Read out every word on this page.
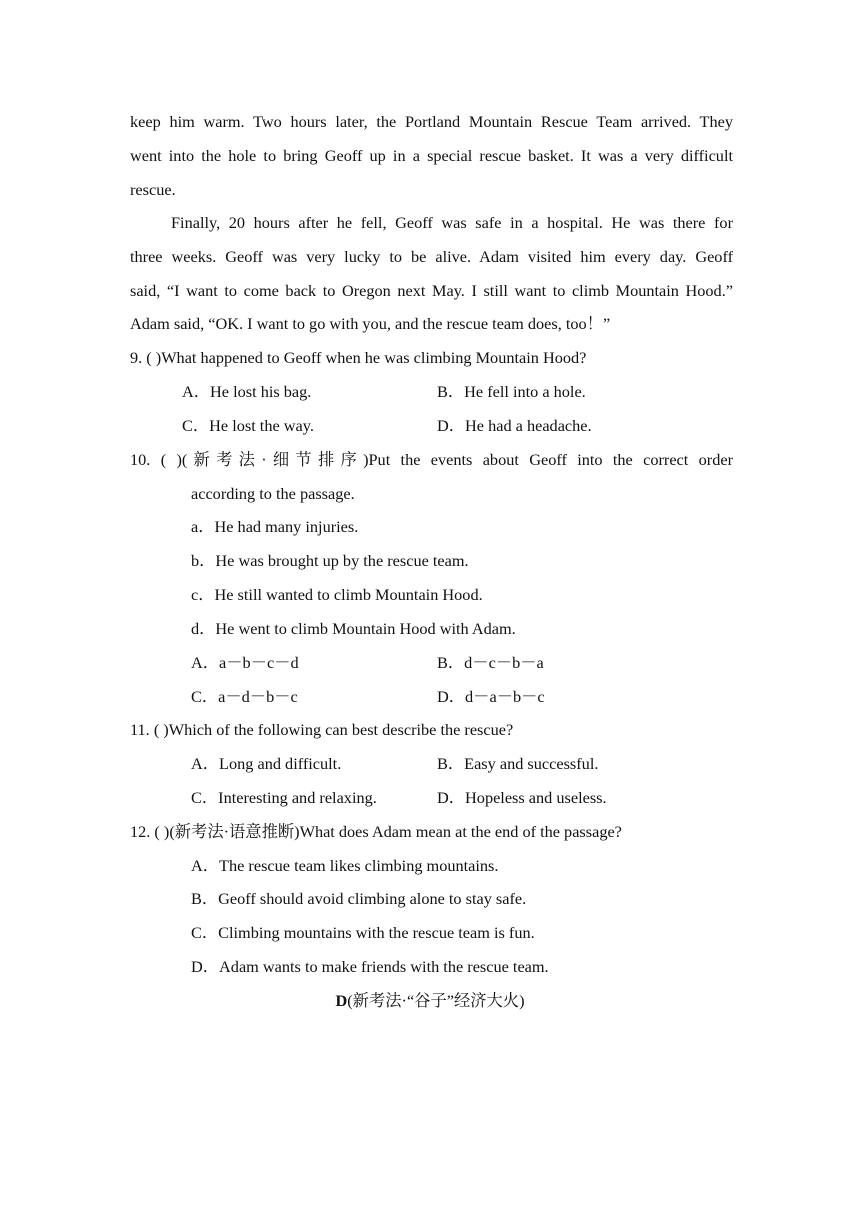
keep him warm. Two hours later, the Portland Mountain Rescue Team arrived. They
went into the hole to bring Geoff up in a special rescue basket. It was a very difficult
rescue.
Finally, 20 hours after he fell, Geoff was safe in a hospital. He was there for
three weeks. Geoff was very lucky to be alive. Adam visited him every day. Geoff
said, “I want to come back to Oregon next May. I still want to climb Mountain Hood.”
Adam said, “OK. I want to go with you, and the rescue team does, too！”
9. ( )What happened to Geoff when he was climbing Mountain Hood?
A．He lost his bag.	B．He fell into a hole.
C．He lost the way.	D．He had a headache.
10. ( )(新考法·细节排序)Put the events about Geoff into the correct order
according to the passage.
a．He had many injuries.
b．He was brought up by the rescue team.
c．He still wanted to climb Mountain Hood.
d．He went to climb Mountain Hood with Adam.
A．a－b－c－d	B．d－c－b－a
C．a－d－b－c	D．d－a－b－c
11. ( )Which of the following can best describe the rescue?
A．Long and difficult.	B．Easy and successful.
C．Interesting and relaxing.	D．Hopeless and useless.
12. ( )(新考法·语意推断)What does Adam mean at the end of the passage?
A．The rescue team likes climbing mountains.
B．Geoff should avoid climbing alone to stay safe.
C．Climbing mountains with the rescue team is fun.
D．Adam wants to make friends with the rescue team.
D(新考法·“谷子”经济大火)
